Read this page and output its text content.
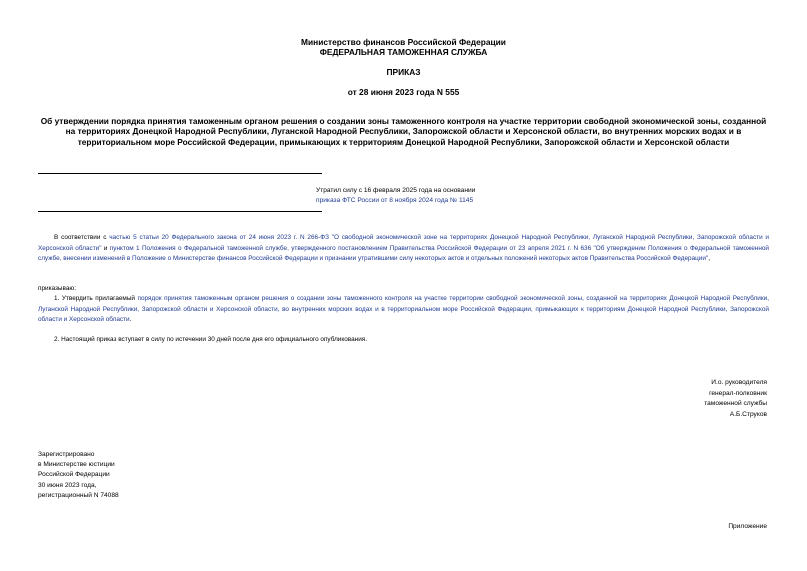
Министерство финансов Российской Федерации
ФЕДЕРАЛЬНАЯ ТАМОЖЕННАЯ СЛУЖБА
ПРИКАЗ
от 28 июня 2023 года N 555
Об утверждении порядка принятия таможенным органом решения о создании зоны таможенного контроля на участке территории свободной экономической зоны, созданной на территориях Донецкой Народной Республики, Луганской Народной Республики, Запорожской области и Херсонской области, во внутренних морских водах и в территориальном море Российской Федерации, примыкающих к территориям Донецкой Народной Республики, Запорожской области и Херсонской области
Утратил силу с 16 февраля 2025 года на основании
приказа ФТС России от 8 ноября 2024 года № 1145
В соответствии с частью 5 статьи 20 Федерального закона от 24 июня 2023 г. N 266-ФЗ "О свободной экономической зоне на территориях Донецкой Народной Республики, Луганской Народной Республики, Запорожской области и Херсонской области" и пунктом 1 Положения о Федеральной таможенной службе, утвержденного постановлением Правительства Российской Федерации от 23 апреля 2021 г. N 636 "Об утверждении Положения о Федеральной таможенной службе, внесении изменений в Положение о Министерстве финансов Российской Федерации и признании утратившими силу некоторых актов и отдельных положений некоторых актов Правительства Российской Федерации",
приказываю:
1. Утвердить прилагаемый порядок принятия таможенным органом решения о создании зоны таможенного контроля на участке территории свободной экономической зоны, созданной на территориях Донецкой Народной Республики, Луганской Народной Республики, Запорожской области и Херсонской области, во внутренних морских водах и в территориальном море Российской Федерации, примыкающих к территориям Донецкой Народной Республики, Запорожской области и Херсонской области.
2. Настоящий приказ вступает в силу по истечении 30 дней после дня его официального опубликования.
И.о. руководителя
генерал-полковник
таможенной службы
А.Б.Струков
Зарегистрировано
в Министерстве юстиции
Российской Федерации
30 июня 2023 года,
регистрационный N 74088
Приложение
